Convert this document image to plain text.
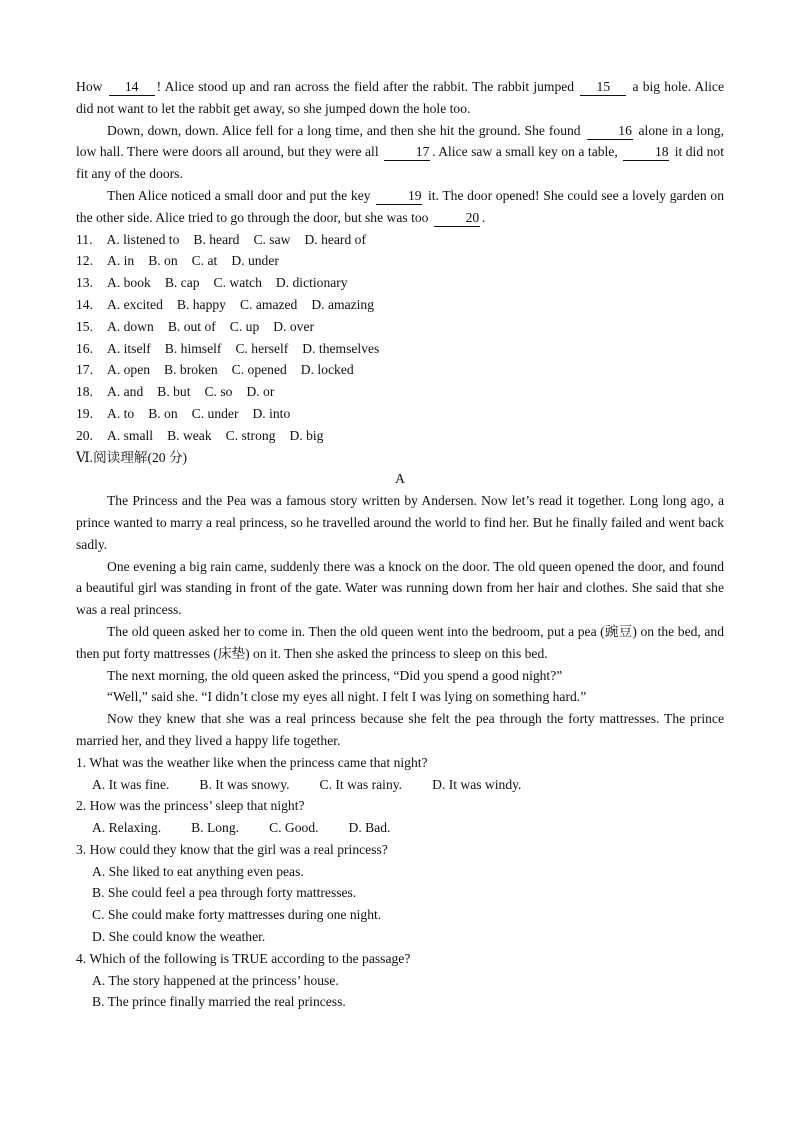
How 14 ! Alice stood up and ran across the field after the rabbit. The rabbit jumped 15 a big hole. Alice did not want to let the rabbit get away, so she jumped down the hole too.
Down, down, down. Alice fell for a long time, and then she hit the ground. She found 16 alone in a long, low hall. There were doors all around, but they were all 17 . Alice saw a small key on a table, 18 it did not fit any of the doors.
Then Alice noticed a small door and put the key 19 it. The door opened! She could see a lovely garden on the other side. Alice tried to go through the door, but she was too 20 .
11. A. listened to B. heard C. saw D. heard of
12. A. in B. on C. at D. under
13. A. book B. cap C. watch D. dictionary
14. A. excited B. happy C. amazed D. amazing
15. A. down B. out of C. up D. over
16. A. itself B. himself C. herself D. themselves
17. A. open B. broken C. opened D. locked
18. A. and B. but C. so D. or
19. A. to B. on C. under D. into
20. A. small B. weak C. strong D. big
Ⅵ.阅读理解(20 分)
A
The Princess and the Pea was a famous story written by Andersen. Now let’s read it together. Long long ago, a prince wanted to marry a real princess, so he travelled around the world to find her. But he finally failed and went back sadly.
One evening a big rain came, suddenly there was a knock on the door. The old queen opened the door, and found a beautiful girl was standing in front of the gate. Water was running down from her hair and clothes. She said that she was a real princess.
The old queen asked her to come in. Then the old queen went into the bedroom, put a pea (豌豆) on the bed, and then put forty mattresses (床垫) on it. Then she asked the princess to sleep on this bed.
The next morning, the old queen asked the princess, “Did you spend a good night?”
“Well,” said she. “I didn’t close my eyes all night. I felt I was lying on something hard.”
Now they knew that she was a real princess because she felt the pea through the forty mattresses. The prince married her, and they lived a happy life together.
1. What was the weather like when the princess came that night?
A. It was fine. B. It was snowy. C. It was rainy. D. It was windy.
2. How was the princess’ sleep that night?
A. Relaxing. B. Long. C. Good. D. Bad.
3. How could they know that the girl was a real princess?
A. She liked to eat anything even peas.
B. She could feel a pea through forty mattresses.
C. She could make forty mattresses during one night.
D. She could know the weather.
4. Which of the following is TRUE according to the passage?
A. The story happened at the princess’ house.
B. The prince finally married the real princess.
